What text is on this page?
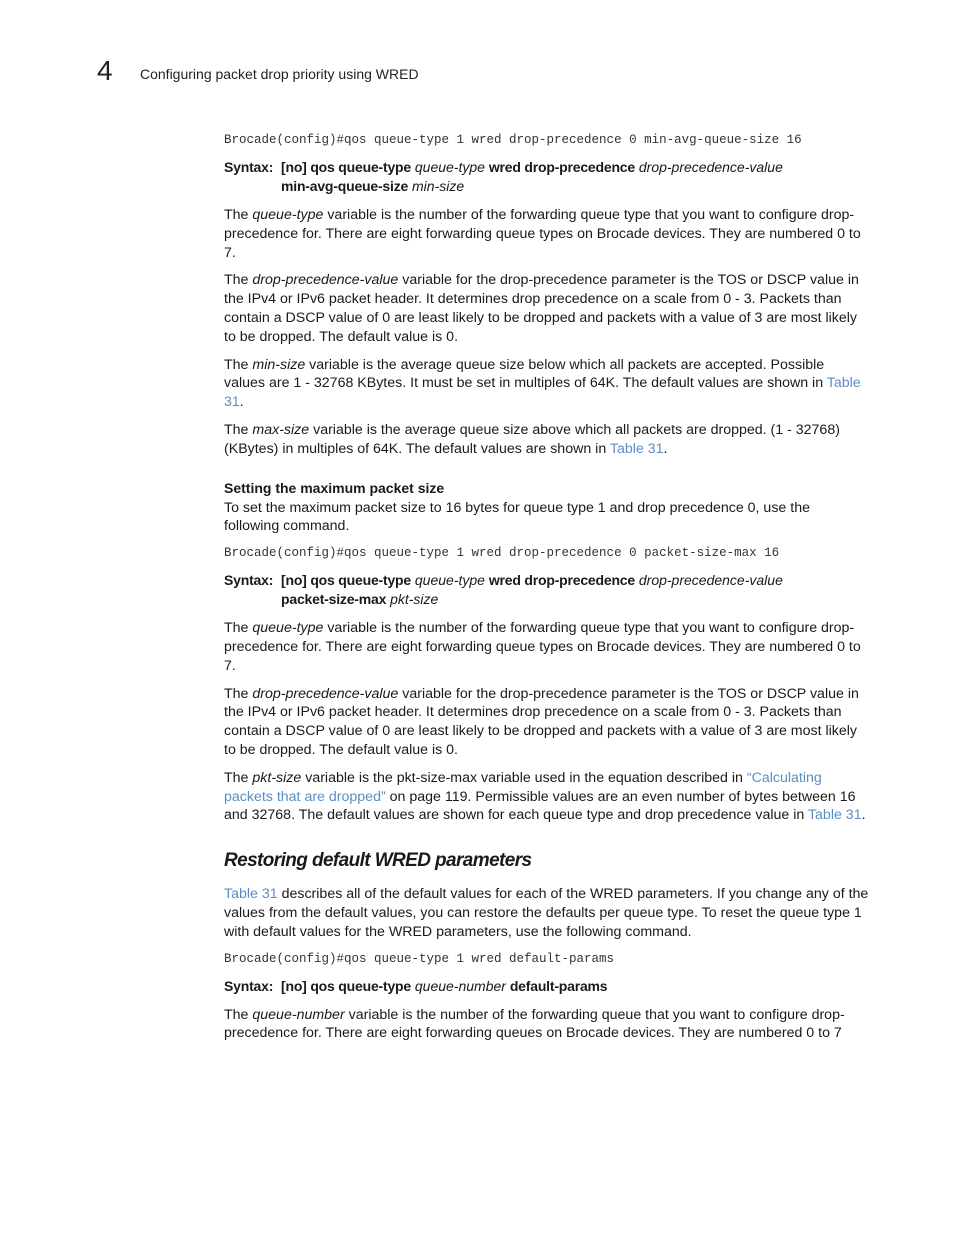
4 Configuring packet drop priority using WRED
Brocade(config)#qos queue-type 1 wred drop-precedence 0 min-avg-queue-size 16
Syntax: [no] qos queue-type queue-type wred drop-precedence drop-precedence-value
min-avg-queue-size min-size

The queue-type variable is the number of the forwarding queue type that you want to configure drop-precedence for. There are eight forwarding queue types on Brocade devices. They are numbered 0 to 7.

The drop-precedence-value variable for the drop-precedence parameter is the TOS or DSCP value in the IPv4 or IPv6 packet header. It determines drop precedence on a scale from 0 - 3. Packets than contain a DSCP value of 0 are least likely to be dropped and packets with a value of 3 are most likely to be dropped. The default value is 0.

The min-size variable is the average queue size below which all packets are accepted. Possible values are 1 - 32768 KBytes. It must be set in multiples of 64K. The default values are shown in Table 31.

The max-size variable is the average queue size above which all packets are dropped. (1 - 32768) (KBytes) in multiples of 64K. The default values are shown in Table 31.

Setting the maximum packet size

To set the maximum packet size to 16 bytes for queue type 1 and drop precedence 0, use the following command.

Brocade(config)#qos queue-type 1 wred drop-precedence 0 packet-size-max 16
Syntax: [no] qos queue-type queue-type wred drop-precedence drop-precedence-value
packet-size-max pkt-size

The queue-type variable is the number of the forwarding queue type that you want to configure drop-precedence for. There are eight forwarding queue types on Brocade devices. They are numbered 0 to 7.

The drop-precedence-value variable for the drop-precedence parameter is the TOS or DSCP value in the IPv4 or IPv6 packet header. It determines drop precedence on a scale from 0 - 3. Packets than contain a DSCP value of 0 are least likely to be dropped and packets with a value of 3 are most likely to be dropped. The default value is 0.

The pkt-size variable is the pkt-size-max variable used in the equation described in “Calculating packets that are dropped” on page 119. Permissible values are an even number of bytes between 16 and 32768. The default values are shown for each queue type and drop precedence value in Table 31.

Restoring default WRED parameters

Table 31 describes all of the default values for each of the WRED parameters. If you change any of the values from the default values, you can restore the defaults per queue type. To reset the queue type 1 with default values for the WRED parameters, use the following command.

Brocade(config)#qos queue-type 1 wred default-params
Syntax: [no] qos queue-type queue-number default-params

The queue-number variable is the number of the forwarding queue that you want to configure drop-precedence for. There are eight forwarding queues on Brocade devices. They are numbered 0 to 7
